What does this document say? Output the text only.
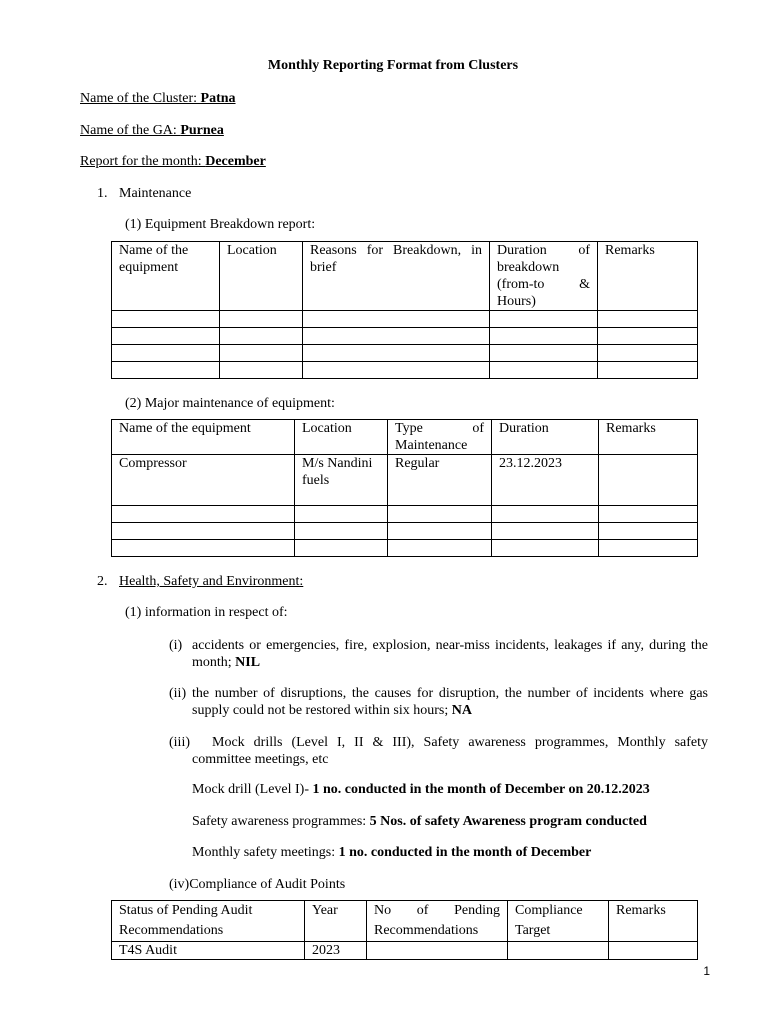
Monthly Reporting Format from Clusters
Name of the Cluster: Patna
Name of the GA: Purnea
Report for the month: December
1. Maintenance
(1) Equipment Breakdown report:
Name of the equipment	Location	Reasons for Breakdown, in brief	Duration of breakdown (from-to & Hours)	Remarks

(2) Major maintenance of equipment:
Name of the equipment	Location	Type of Maintenance	Duration	Remarks
Compressor	M/s Nandini fuels	Regular	23.12.2023	

2. Health, Safety and Environment:
(1) information in respect of:
(i) accidents or emergencies, fire, explosion, near-miss incidents, leakages if any, during the month; NIL
(ii) the number of disruptions, the causes for disruption, the number of incidents where gas supply could not be restored within six hours; NA
(iii)	Mock drills (Level I, II & III), Safety awareness programmes, Monthly safety committee meetings, etc
Mock drill (Level I)- 1 no. conducted in the month of December on 20.12.2023
Safety awareness programmes: 5 Nos. of safety Awareness program conducted
Monthly safety meetings: 1 no. conducted in the month of December
(iv)Compliance of Audit Points
Status of Pending Audit Recommendations	Year	No of Pending Recommendations	Compliance Target	Remarks
T4S Audit	2023			
1
